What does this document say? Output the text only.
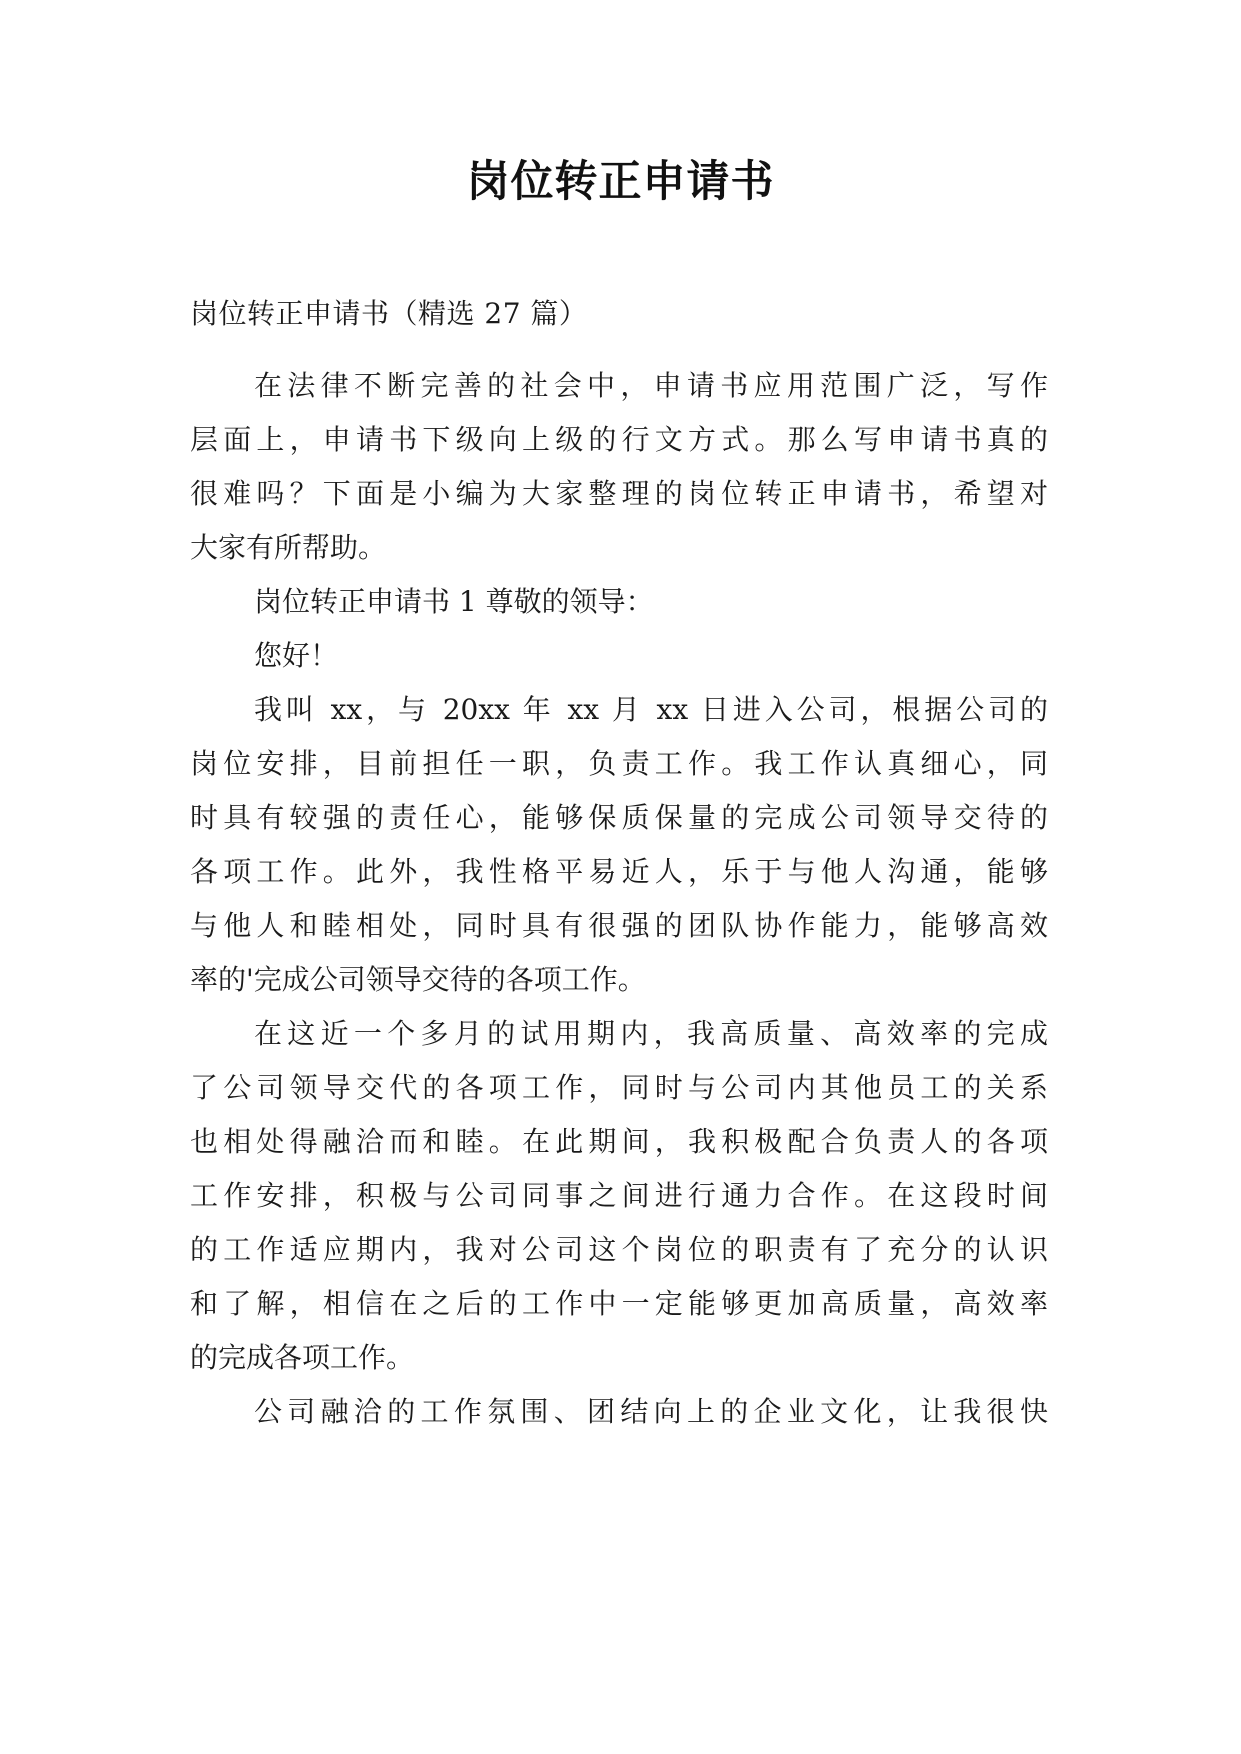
岗位转正申请书

岗位转正申请书（精选 27 篇）

在法律不断完善的社会中，申请书应用范围广泛，写作

层面上，申请书下级向上级的行文方式。那么写申请书真的

很难吗？下面是小编为大家整理的岗位转正申请书，希望对

大家有所帮助。

岗位转正申请书 1 尊敬的领导：

您好！

我叫 xx，与 20xx 年 xx 月 xx 日进入公司，根据公司的

岗位安排，目前担任一职，负责工作。我工作认真细心，同

时具有较强的责任心，能够保质保量的完成公司领导交待的

各项工作。此外，我性格平易近人，乐于与他人沟通，能够

与他人和睦相处，同时具有很强的团队协作能力，能够高效

率的'完成公司领导交待的各项工作。

在这近一个多月的试用期内，我高质量、高效率的完成

了公司领导交代的各项工作，同时与公司内其他员工的关系

也相处得融洽而和睦。在此期间，我积极配合负责人的各项

工作安排，积极与公司同事之间进行通力合作。在这段时间

的工作适应期内，我对公司这个岗位的职责有了充分的认识

和了解，相信在之后的工作中一定能够更加高质量，高效率

的完成各项工作。

公司融洽的工作氛围、团结向上的企业文化，让我很快
